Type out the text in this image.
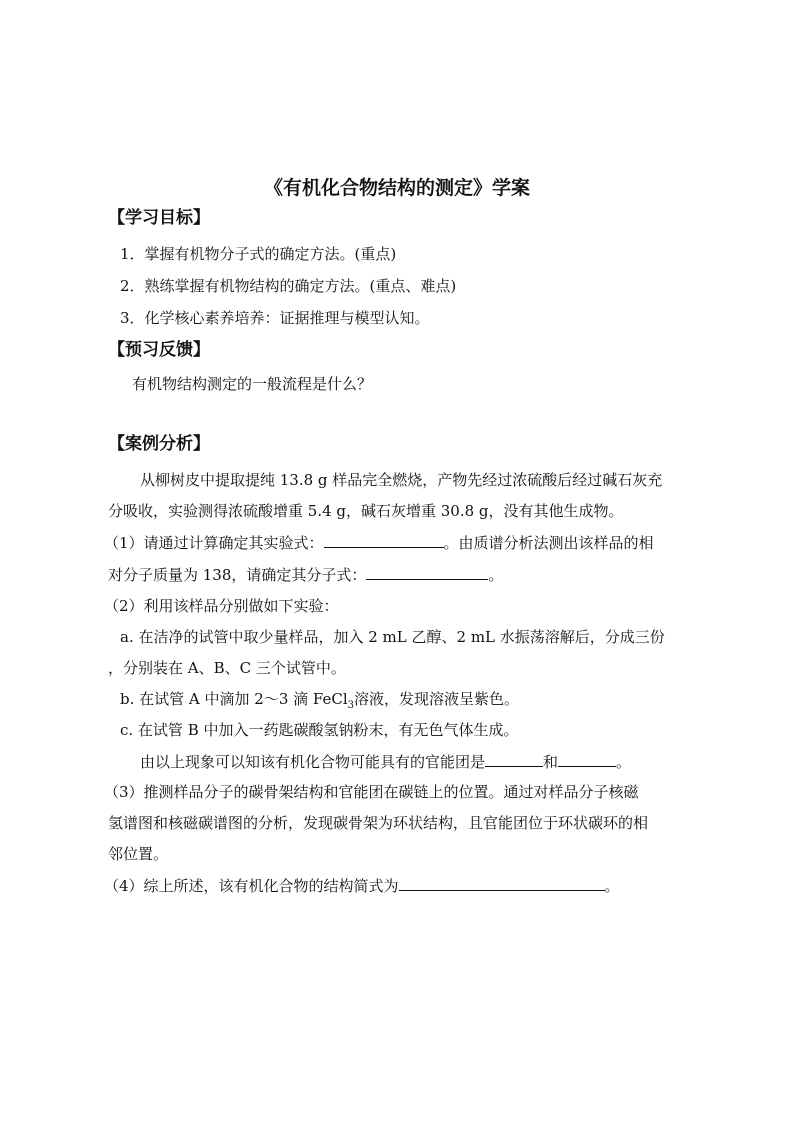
《有机化合物结构的测定》学案
【学习目标】
1．掌握有机物分子式的确定方法。(重点)
2．熟练掌握有机物结构的确定方法。(重点、难点)
3．化学核心素养培养：证据推理与模型认知。
【预习反馈】
有机物结构测定的一般流程是什么？
【案例分析】
从柳树皮中提取提纯 13.8 g 样品完全燃烧，产物先经过浓硫酸后经过碱石灰充
分吸收，实验测得浓硫酸增重 5.4 g，碱石灰增重 30.8 g，没有其他生成物。
（1）请通过计算确定其实验式：	。由质谱分析法测出该样品的相
对分子质量为 138，请确定其分子式：	。
（2）利用该样品分别做如下实验：
a. 在洁净的试管中取少量样品，加入 2 mL 乙醇、2 mL 水振荡溶解后，分成三份
，分别装在 A、B、C 三个试管中。
b. 在试管 A 中滴加 2～3 滴 FeCl$_3$溶液，发现溶液呈紫色。
c. 在试管 B 中加入一药匙碳酸氢钠粉末，有无色气体生成。
由以上现象可以知该有机化合物可能具有的官能团是	和	。
（3）推测样品分子的碳骨架结构和官能团在碳链上的位置。通过对样品分子核磁
氢谱图和核磁碳谱图的分析，发现碳骨架为环状结构，且官能团位于环状碳环的相
邻位置。
（4）综上所述，该有机化合物的结构简式为	。
